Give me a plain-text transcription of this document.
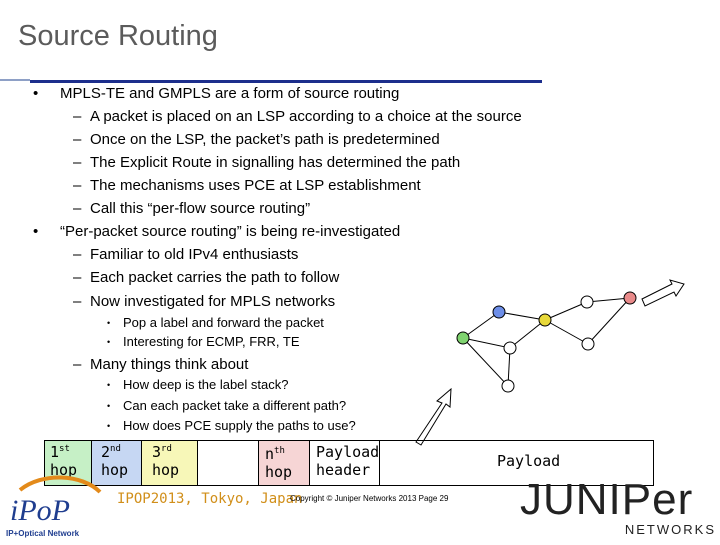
Source Routing
• MPLS-TE and GMPLS are a form of source routing
– A packet is placed on an LSP according to a choice at the source
– Once on the LSP, the packet’s path is predetermined
– The Explicit Route in signalling has determined the path
– The mechanisms uses PCE at LSP establishment
– Call this “per-flow source routing”
• “Per-packet source routing” is being re-investigated
– Familiar to old IPv4 enthusiasts
– Each packet carries the path to follow
– Now investigated for MPLS networks
• Pop a label and forward the packet
• Interesting for ECMP, FRR, TE
– Many things think about
• How deep is the label stack?
• Can each packet take a different path?
• How does PCE supply the paths to use?
1st
hop
2nd
hop
3rd
hop
$n^{th}$
hop
Payload
header	Payload
iPoP
IP+Optical Network
IPOP2013, Tokyo, Japan
Copyright © Juniper Networks 2013 Page 29 JUNIPer
NETWORKS
